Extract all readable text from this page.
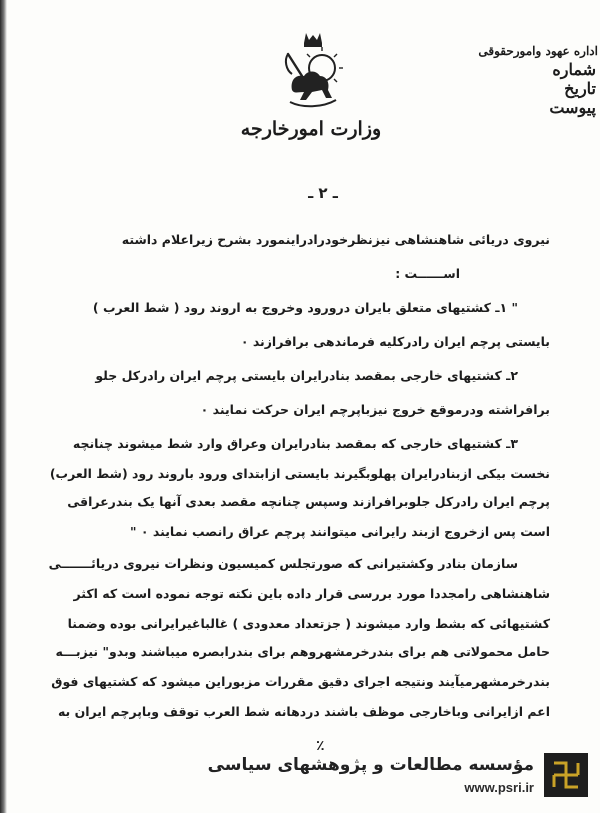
وزارت امورخارجه
اداره عهود وامورحقوقی
شماره
تاریخ
پیوست
ـ ۲ ـ

نیروی دریائی شاهنشاهی نیزنظرخودرادراینمورد بشرح زیراعلام داشته

اســــــت :

" ۱ـ کشتیهای متعلق بایران درورود وخروج به اروند رود ( شط العرب )

بایستی پرچم ایران رادرکلیه فرماندهی برافرازند ۰

۲ـ کشتیهای خارجی بمقصد بنادرایران بایستی پرچم ایران رادرکل جلو

برافراشته ودرموقع خروج نیزباپرچم ایران حرکت نمایند ۰

۳ـ کشتیهای خارجی که بمقصد بنادرایران وعراق وارد شط میشوند چنانچه

نخست بیکی ازبنادرایران پهلوبگیرند بایستی ازابتدای ورود باروند رود (شط العرب)

پرچم ایران رادرکل جلوبرافرازند وسپس چنانچه مقصد بعدی آنها یک بندرعراقی

است پس ازخروج ازبند رایرانی میتوانند پرچم عراق رانصب نمایند ۰ "

سازمان بنادر وکشتیرانی که صورتجلس کمیسیون ونظرات نیروی دریائـــــــی

شاهنشاهی رامجددا مورد بررسی قرار داده باین نکته توجه نموده است که اکثر

کشتیهائی که بشط وارد میشوند ( جزتعداد معدودی ) غالباغیرایرانی بوده وضمنا

حامل محمولاتی هم برای بندرخرمشهروهم برای بندرابصره میباشند وبدو" نیزبـــه

بندرخرمشهرمیآیند ونتیجه اجرای دقیق مقررات مزبوراین میشود که کشتیهای فوق

اعم ازایرانی وباخارجی موظف باشند دردهانه شط العرب توقف وباپرچم ایران به

٪
مؤسسه مطالعات و پژوهشهای سیاسی
www.psri.ir
